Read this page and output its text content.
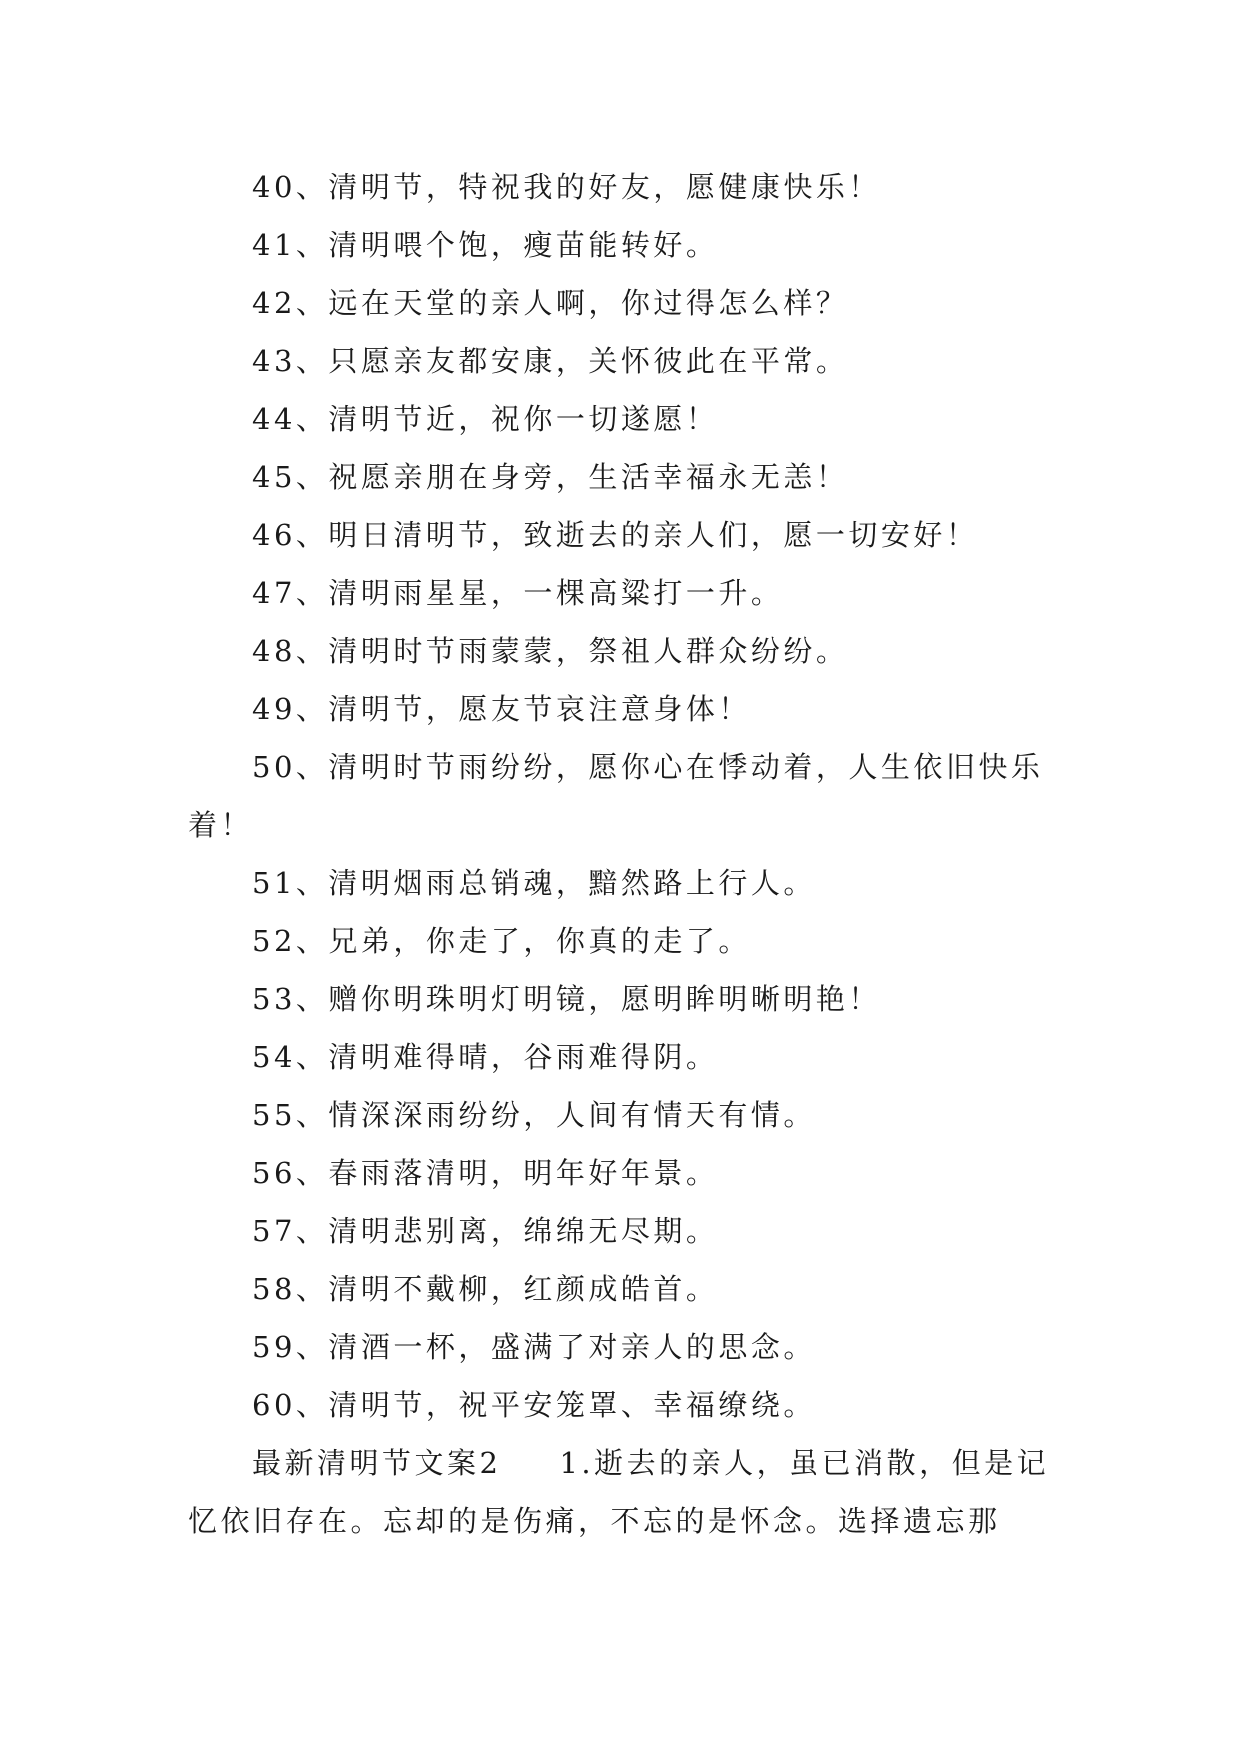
40、清明节，特祝我的好友，愿健康快乐！

41、清明喂个饱，瘦苗能转好。

42、远在天堂的亲人啊，你过得怎么样？

43、只愿亲友都安康，关怀彼此在平常。

44、清明节近，祝你一切遂愿！

45、祝愿亲朋在身旁，生活幸福永无恙！

46、明日清明节，致逝去的亲人们，愿一切安好！

47、清明雨星星，一棵高粱打一升。

48、清明时节雨蒙蒙，祭祖人群众纷纷。

49、清明节，愿友节哀注意身体！

50、清明时节雨纷纷，愿你心在悸动着，人生依旧快乐着！

51、清明烟雨总销魂，黯然路上行人。

52、兄弟，你走了，你真的走了。

53、赠你明珠明灯明镜，愿明眸明晰明艳！

54、清明难得晴，谷雨难得阴。

55、情深深雨纷纷，人间有情天有情。

56、春雨落清明，明年好年景。

57、清明悲别离，绵绵无尽期。

58、清明不戴柳，红颜成皓首。

59、清酒一杯，盛满了对亲人的思念。

60、清明节，祝平安笼罩、幸福缭绕。

最新清明节文案2 1.逝去的亲人，虽已消散，但是记忆依旧存在。忘却的是伤痛，不忘的是怀念。选择遗忘那
